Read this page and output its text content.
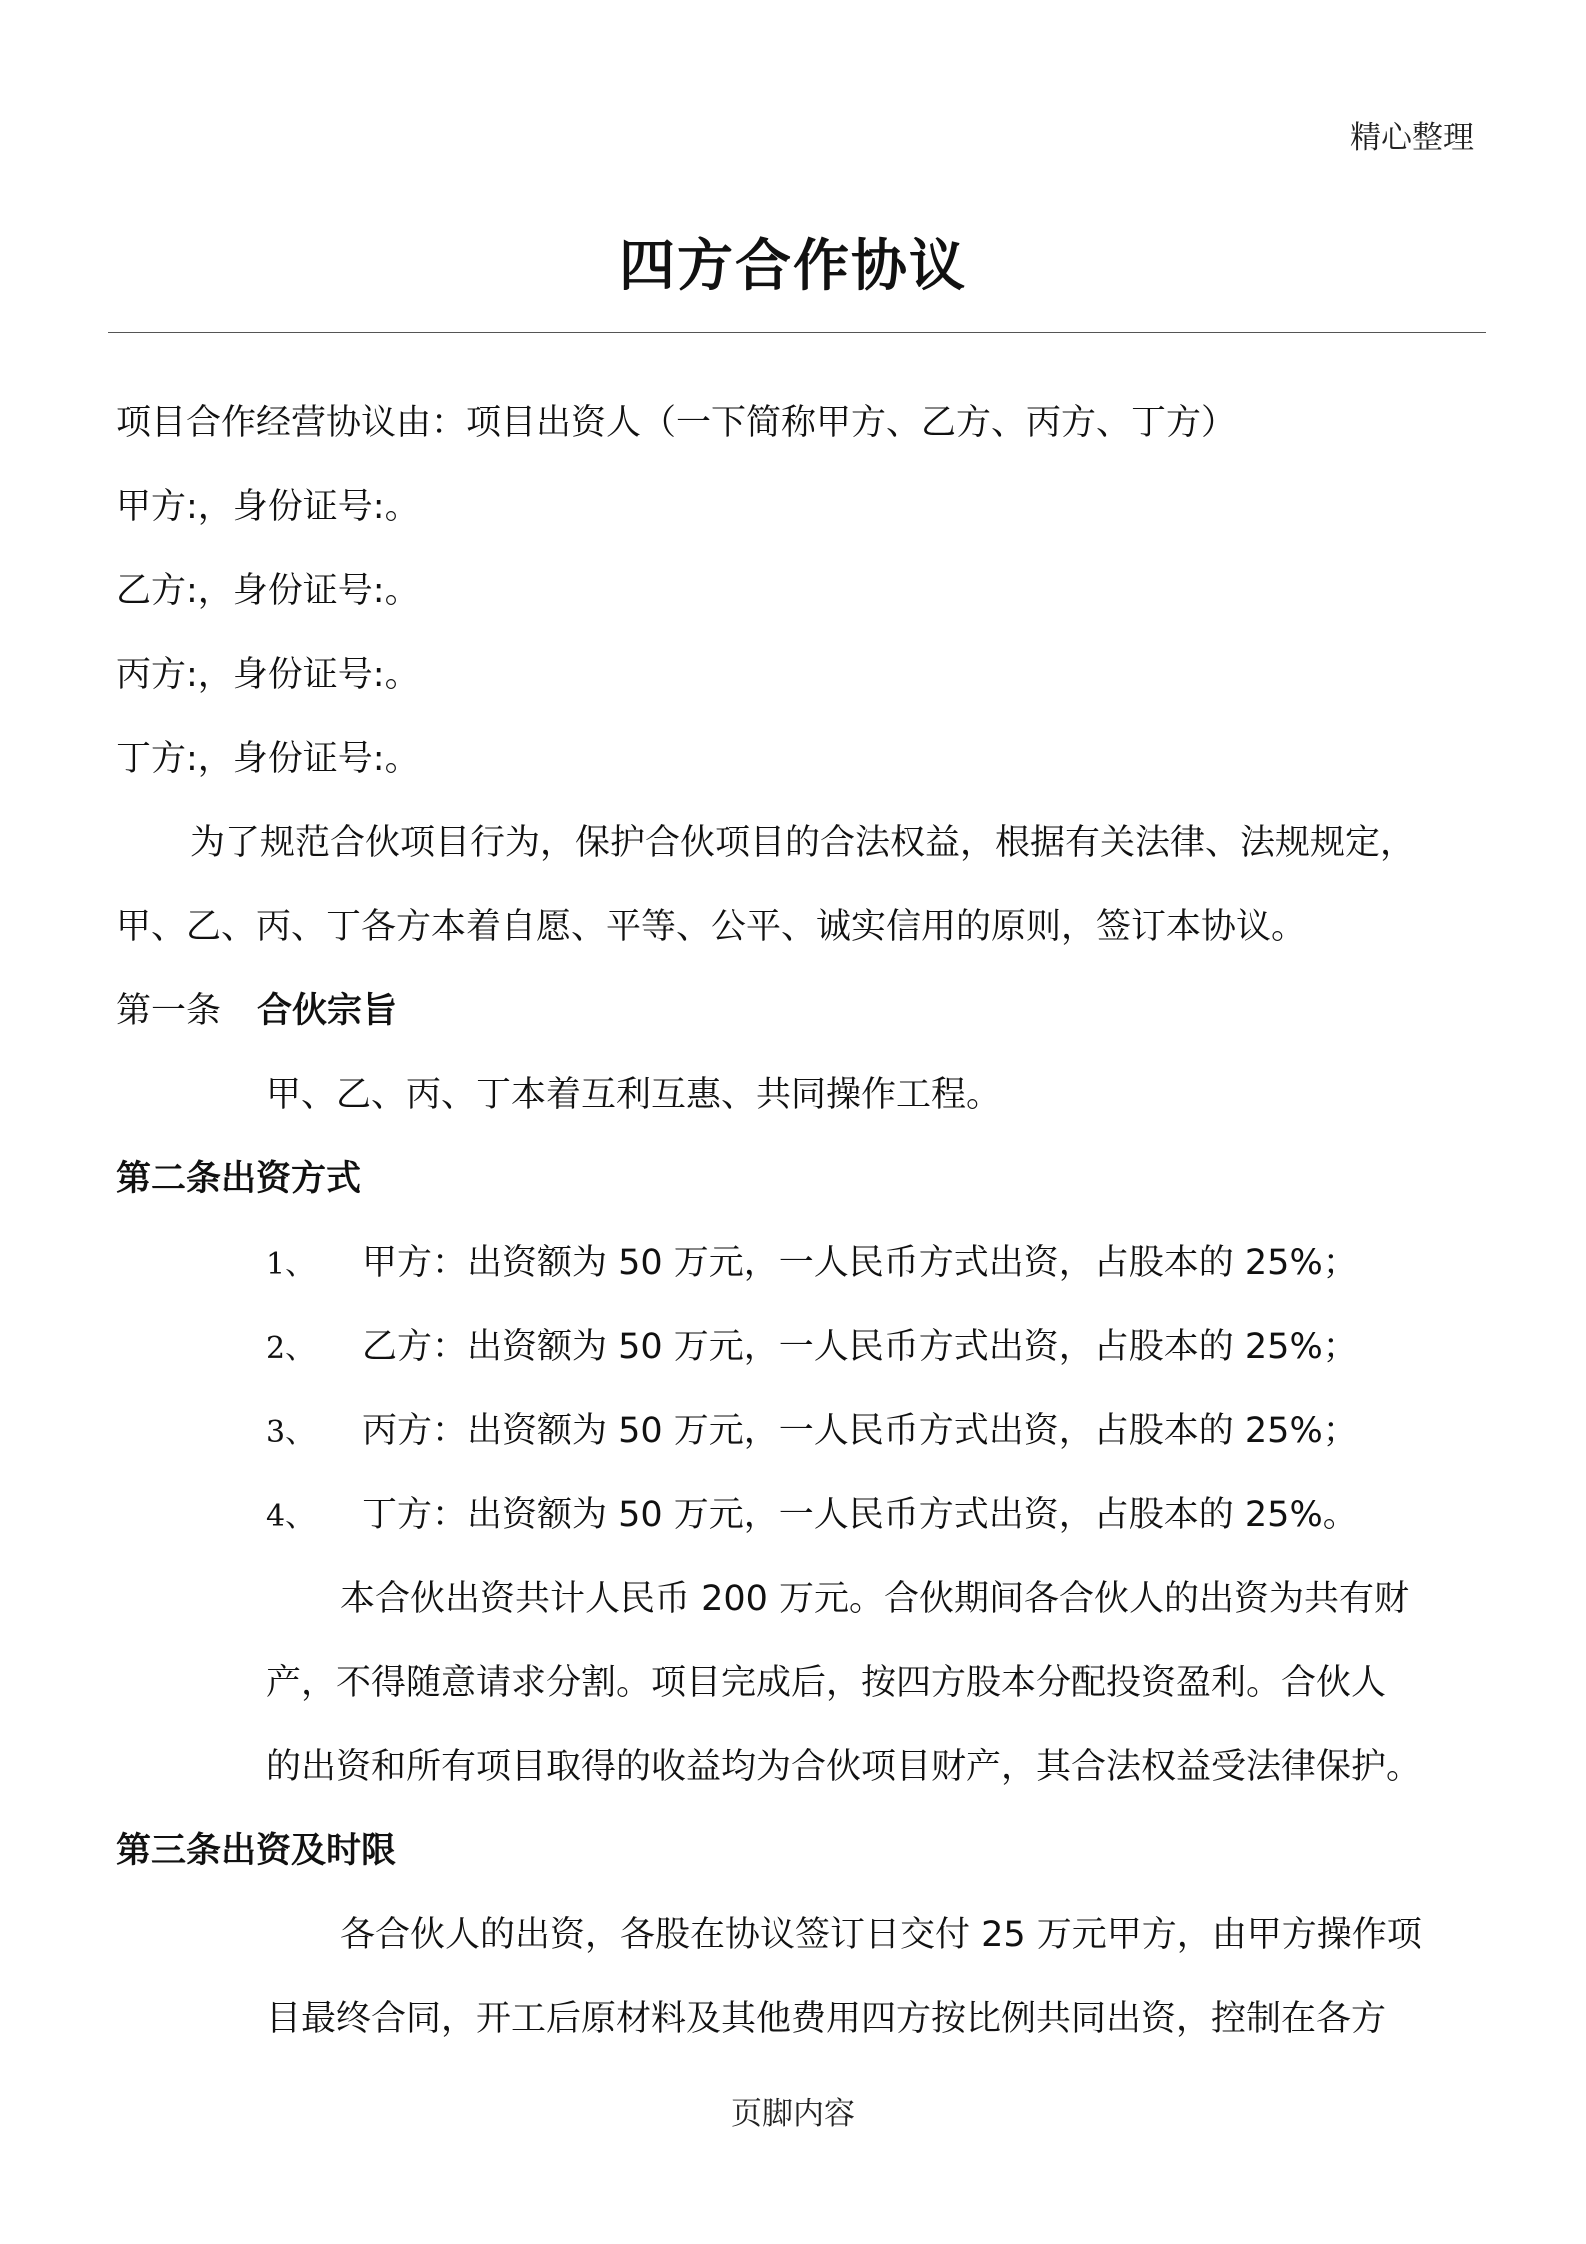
精心整理
四方合作协议
项目合作经营协议由：项目出资人（一下简称甲方、乙方、丙方、丁方）
甲方:，身份证号:。
乙方:，身份证号:。
丙方:，身份证号:。
丁方:，身份证号:。
为了规范合伙项目行为，保护合伙项目的合法权益，根据有关法律、法规规定，
甲、乙、丙、丁各方本着自愿、平等、公平、诚实信用的原则，签订本协议。
第一条 合伙宗旨
甲、乙、丙、丁本着互利互惠、共同操作工程。
第二条出资方式
1、 甲方：出资额为 50 万元，一人民币方式出资，占股本的 25%；
2、 乙方：出资额为 50 万元，一人民币方式出资，占股本的 25%；
3、 丙方：出资额为 50 万元，一人民币方式出资，占股本的 25%；
4、 丁方：出资额为 50 万元，一人民币方式出资，占股本的 25%。
本合伙出资共计人民币 200 万元。合伙期间各合伙人的出资为共有财
产，不得随意请求分割。项目完成后，按四方股本分配投资盈利。合伙人
的出资和所有项目取得的收益均为合伙项目财产，其合法权益受法律保护。
第三条出资及时限
各合伙人的出资，各股在协议签订日交付 25 万元甲方，由甲方操作项
目最终合同，开工后原材料及其他费用四方按比例共同出资，控制在各方
页脚内容
